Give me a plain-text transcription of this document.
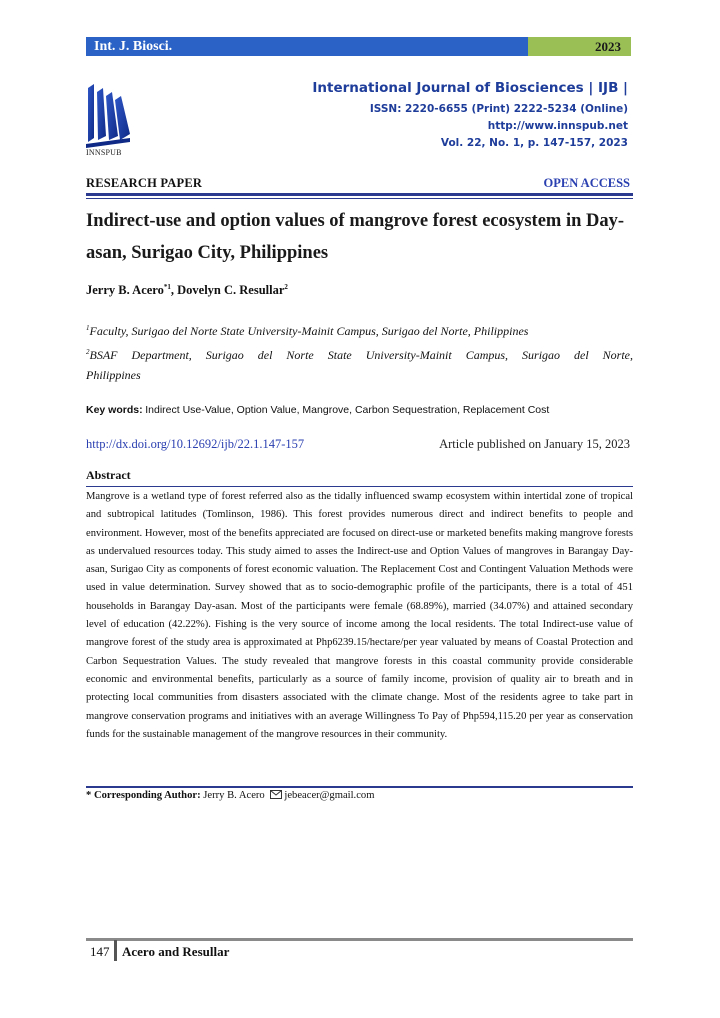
Int. J. Biosci.	2023
INNSPUB
International Journal of Biosciences | IJB |
ISSN: 2220-6655 (Print) 2222-5234 (Online)
http://www.innspub.net
Vol. 22, No. 1, p. 147-157, 2023
RESEARCH PAPER	OPEN ACCESS
Indirect-use and option values of mangrove forest ecosystem in Day-asan, Surigao City, Philippines
Jerry B. Acero$^{*1}$, Dovelyn C. Resullar$^2$
$^1$Faculty, Surigao del Norte State University-Mainit Campus, Surigao del Norte, Philippines
$^2$BSAF Department, Surigao del Norte State University-Mainit Campus, Surigao del Norte,
Philippines
Key words: Indirect Use-Value, Option Value, Mangrove, Carbon Sequestration, Replacement Cost
http://dx.doi.org/10.12692/ijb/22.1.147-157	Article published on January 15, 2023
Abstract
Mangrove is a wetland type of forest referred also as the tidally influenced swamp ecosystem within intertidal zone of tropical and subtropical latitudes (Tomlinson, 1986). This forest provides numerous direct and indirect benefits to people and environment. However, most of the benefits appreciated are focused on direct-use or marketed benefits making mangrove forests as undervalued resources today. This study aimed to asses the Indirect-use and Option Values of mangroves in Barangay Day-asan, Surigao City as components of forest economic valuation. The Replacement Cost and Contingent Valuation Methods were used in value determination. Survey showed that as to socio-demographic profile of the participants, there is a total of 451 households in Barangay Day-asan. Most of the participants were female (68.89%), married (34.07%) and attained secondary level of education (42.22%). Fishing is the very source of income among the local residents. The total Indirect-use value of mangrove forest of the study area is approximated at Php6239.15/hectare/per year valuated by means of Coastal Protection and Carbon Sequestration Values. The study revealed that mangrove forests in this coastal community provide considerable economic and environmental benefits, particularly as a source of family income, provision of quality air to breath and in protecting local communities from disasters associated with the climate change. Most of the residents agree to take part in mangrove conservation programs and initiatives with an average Willingness To Pay of Php594,115.20 per year as conservation funds for the sustainable management of the mangrove resources in their community.
* Corresponding Author: Jerry B. Acero jebeacer@gmail.com
147 Acero and Resullar
